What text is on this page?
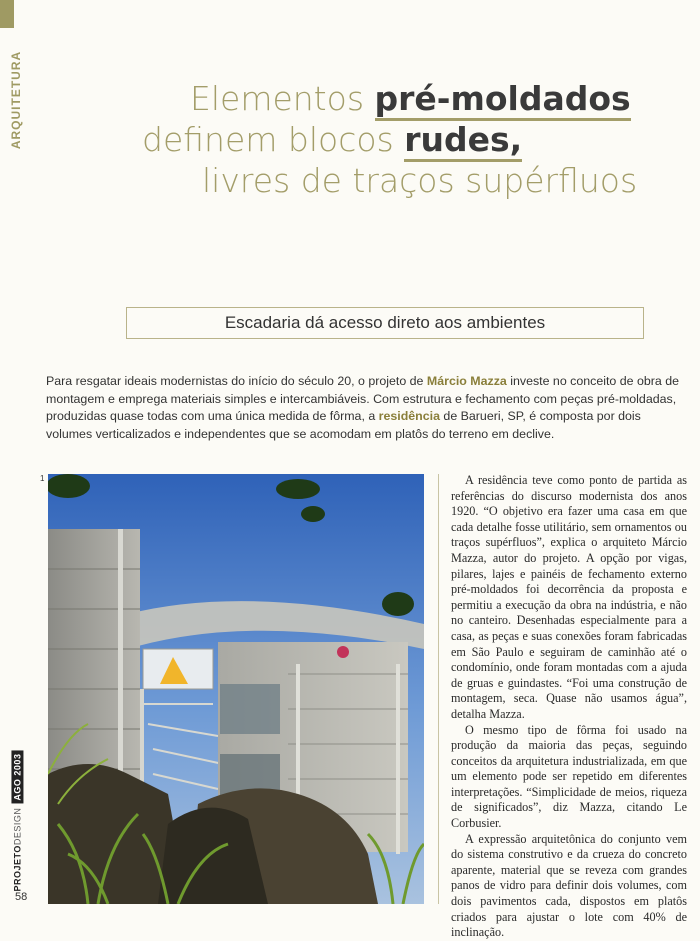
ARQUITETURA	Elementos pré-moldados
definem blocos rudes,
livres de traços supérfluos
Escadaria dá acesso direto aos ambientes

Para resgatar ideais modernistas do início do século 20, o projeto de Márcio Mazza investe no conceito de obra de montagem e emprega materiais simples e intercambiáveis. Com estrutura e fechamento com peças pré-moldadas, produzidas quase todas com uma única medida de fôrma, a residência de Barueri, SP, é composta por dois volumes verticalizados e independentes que se acomodam em platôs do terreno em declive.

1	A residência teve como ponto de partida as referências do discurso modernista dos anos 1920. “O objetivo era fazer uma casa em que cada detalhe fosse utilitário, sem ornamentos ou traços supérfluos”, explica o arquiteto Márcio Mazza, autor do projeto. A opção por vigas, pilares, lajes e painéis de fechamento externo pré-moldados foi decorrência da proposta e permitiu a execução da obra na indústria, e não no canteiro. Desenhadas especialmente para a casa, as peças e suas conexões foram fabricadas em São Paulo e seguiram de caminhão até o condomínio, onde foram montadas com a ajuda de gruas e guindastes. “Foi uma construção de montagem, seca. Quase não usamos água”, detalha Mazza.

O mesmo tipo de fôrma foi usado na produção da maioria das peças, seguindo conceitos da arquitetura industrializada, em que um elemento pode ser repetido em diferentes interpretações. “Simplicidade de meios, riqueza de significados”, diz Mazza, citando Le Corbusier.

A expressão arquitetônica do conjunto vem do sistema construtivo e da crueza do concreto aparente, material que se reveza com grandes panos de vidro para definir dois volumes, com dois pavimentos cada, dispostos em platôs criados para ajustar o lote com 40% de inclinação.

PROJETODESIGN
AGO 2003
58
